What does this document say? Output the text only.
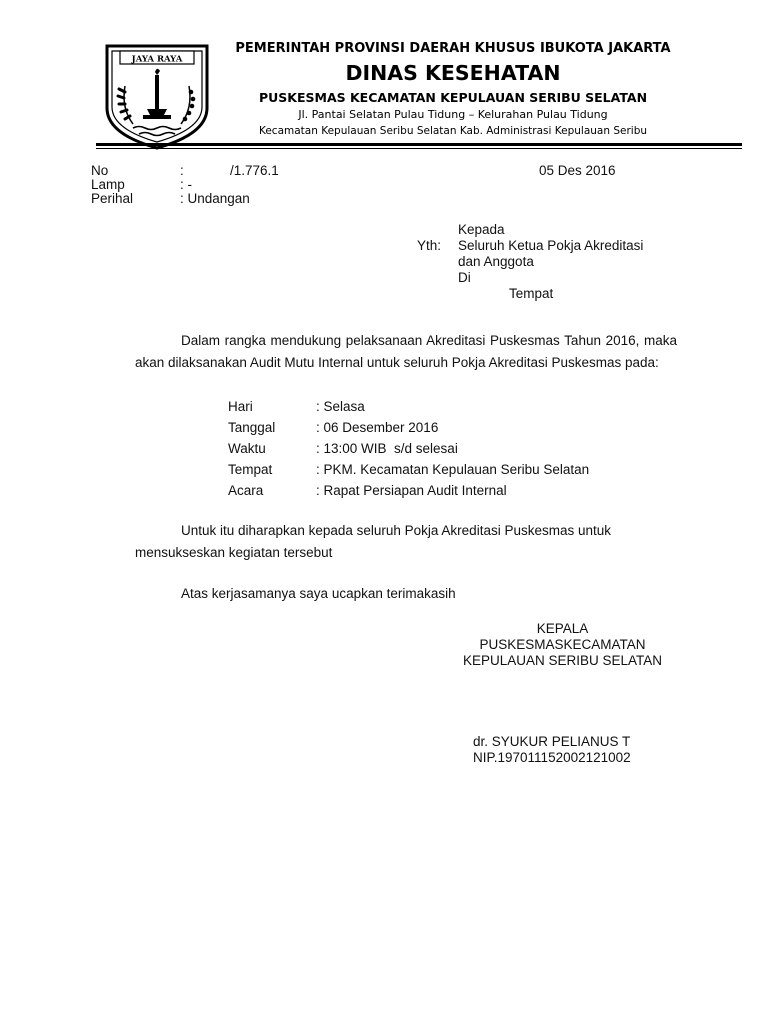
JAYA RAYA
PEMERINTAH PROVINSI DAERAH KHUSUS IBUKOTA JAKARTA
DINAS KESEHATAN
PUSKESMAS KECAMATAN KEPULAUAN SERIBU SELATAN
Jl. Pantai Selatan Pulau Tidung – Kelurahan Pulau Tidung
Kecamatan Kepulauan Seribu Selatan Kab. Administrasi Kepulauan Seribu
No	:	/1.776.1	05 Des 2016
Lamp	: -
Perihal	: Undangan
Kepada
Yth: Seluruh Ketua Pokja Akreditasi
dan Anggota
Di
Tempat
Dalam rangka mendukung pelaksanaan Akreditasi Puskesmas Tahun 2016, maka akan dilaksanakan Audit Mutu Internal untuk seluruh Pokja Akreditasi Puskesmas pada:
Hari	: Selasa
Tanggal	: 06 Desember 2016
Waktu	: 13:00 WIB  s/d selesai
Tempat	: PKM. Kecamatan Kepulauan Seribu Selatan
Acara	: Rapat Persiapan Audit Internal
Untuk itu diharapkan kepada seluruh Pokja Akreditasi Puskesmas untuk mensukseskan kegiatan tersebut
Atas kerjasamanya saya ucapkan terimakasih
KEPALA
PUSKESMASKECAMATAN
KEPULAUAN SERIBU SELATAN
dr. SYUKUR PELIANUS T
NIP.197011152002121002
